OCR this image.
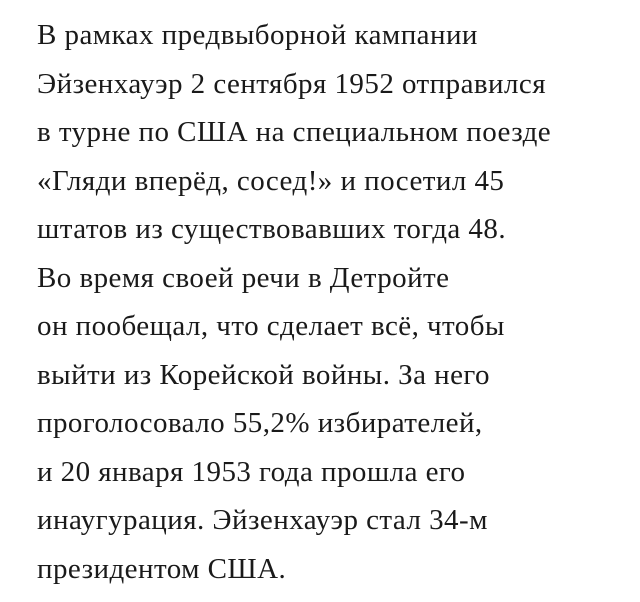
В рамках предвыборной кампании
Эйзенхауэр 2 сентября 1952 отправился
в турне по США на специальном поезде
«Гляди вперёд, сосед!» и посетил 45
штатов из существовавших тогда 48.
Во время своей речи в Детройте
он пообещал, что сделает всё, чтобы
выйти из Корейской войны. За него
проголосовало 55,2% избирателей,
и 20 января 1953 года прошла его
инаугурация. Эйзенхауэр стал 34-м
президентом США.
